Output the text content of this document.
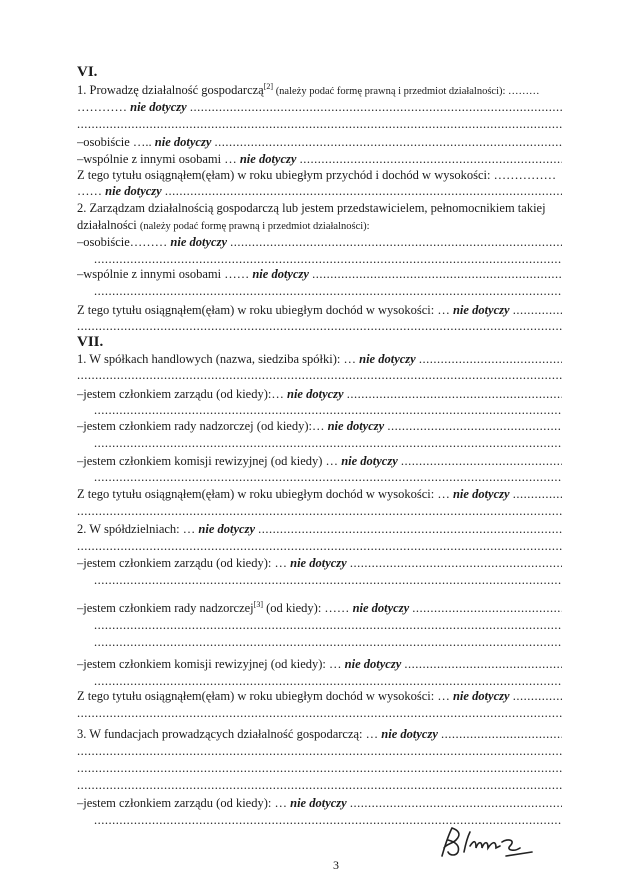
VI.
1. Prowadzę działalność gospodarczą[2] (należy podać formę prawną i przedmiot działalności): ………
………… nie dotyczy .....
.....
–osobiście ….. nie dotyczy .....
–wspólnie z innymi osobami … nie dotyczy .....
Z tego tytułu osiągnąłem(ęłam) w roku ubiegłym przychód i dochód w wysokości: ……………
…… nie dotyczy .....
2. Zarządzam działalnością gospodarczą lub jestem przedstawicielem, pełnomocnikiem takiej
działalności (należy podać formę prawną i przedmiot działalności):
–osobiście……… nie dotyczy .....
.....
–wspólnie z innymi osobami …… nie dotyczy .....
.....
Z tego tytułu osiągnąłem(ęłam) w roku ubiegłym dochód w wysokości: … nie dotyczy .....
.....
VII.
1. W spółkach handlowych (nazwa, siedziba spółki): … nie dotyczy .....
.....
–jestem członkiem zarządu (od kiedy):… nie dotyczy .....
.....
–jestem członkiem rady nadzorczej (od kiedy):… nie dotyczy .....
.....
–jestem członkiem komisji rewizyjnej (od kiedy) … nie dotyczy .....
.....
Z tego tytułu osiągnąłem(ęłam) w roku ubiegłym dochód w wysokości: … nie dotyczy .....
.....
2. W spółdzielniach: … nie dotyczy .....
.....
–jestem członkiem zarządu (od kiedy): … nie dotyczy .....
.....
–jestem członkiem rady nadzorczej[3] (od kiedy): …… nie dotyczy .....
.....
.....
–jestem członkiem komisji rewizyjnej (od kiedy): … nie dotyczy .....
.....
Z tego tytułu osiągnąłem(ęłam) w roku ubiegłym dochód w wysokości: … nie dotyczy .....
.....
3. W fundacjach prowadzących działalność gospodarczą: … nie dotyczy .....
.....
.....
.....
–jestem członkiem zarządu (od kiedy): … nie dotyczy .....
.....
3
